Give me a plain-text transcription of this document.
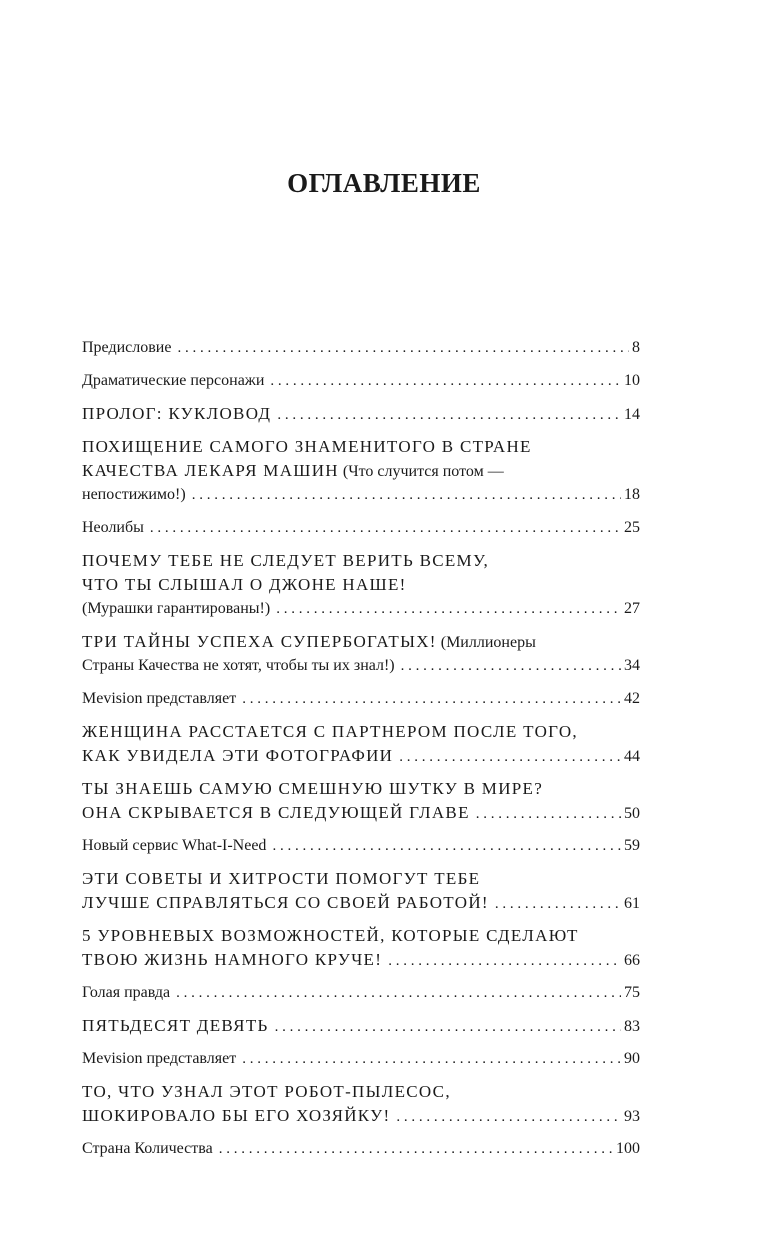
ОГЛАВЛЕНИЕ
Предисловие . . .	8
Драматические персонажи . . .	10
ПРОЛОГ: КУКЛОВОД . . .	14
ПОХИЩЕНИЕ САМОГО ЗНАМЕНИТОГО В СТРАНЕ
КАЧЕСТВА ЛЕКАРЯ МАШИН (Что случится потом —
непостижимо!) . . .	18
Неолибы . . .	25
ПОЧЕМУ ТЕБЕ НЕ СЛЕДУЕТ ВЕРИТЬ ВСЕМУ,
ЧТО ТЫ СЛЫШАЛ О ДЖОНЕ НАШЕ!
(Мурашки гарантированы!) . . .	27
ТРИ ТАЙНЫ УСПЕХА СУПЕРБОГАТЫХ! (Миллионеры
Страны Качества не хотят, чтобы ты их знал!) . . .	34
Mevision представляет . . .	42
ЖЕНЩИНА РАССТАЕТСЯ С ПАРТНЕРОМ ПОСЛЕ ТОГО,
КАК УВИДЕЛА ЭТИ ФОТОГРАФИИ . . .	44
ТЫ ЗНАЕШЬ САМУЮ СМЕШНУЮ ШУТКУ В МИРЕ?
ОНА СКРЫВАЕТСЯ В СЛЕДУЮЩЕЙ ГЛАВЕ . . .	50
Новый сервис What-I-Need . . .	59
ЭТИ СОВЕТЫ И ХИТРОСТИ ПОМОГУТ ТЕБЕ
ЛУЧШЕ СПРАВЛЯТЬСЯ СО СВОЕЙ РАБОТОЙ! . . .	61
5 УРОВНЕВЫХ ВОЗМОЖНОСТЕЙ, КОТОРЫЕ СДЕЛАЮТ
ТВОЮ ЖИЗНЬ НАМНОГО КРУЧЕ! . . .	66
Голая правда . . .	75
ПЯТЬДЕСЯТ ДЕВЯТЬ . . .	83
Mevision представляет . . .	90
ТО, ЧТО УЗНАЛ ЭТОТ РОБОТ-ПЫЛЕСОС,
ШОКИРОВАЛО БЫ ЕГО ХОЗЯЙКУ! . . .	93
Страна Количества . . .	100
